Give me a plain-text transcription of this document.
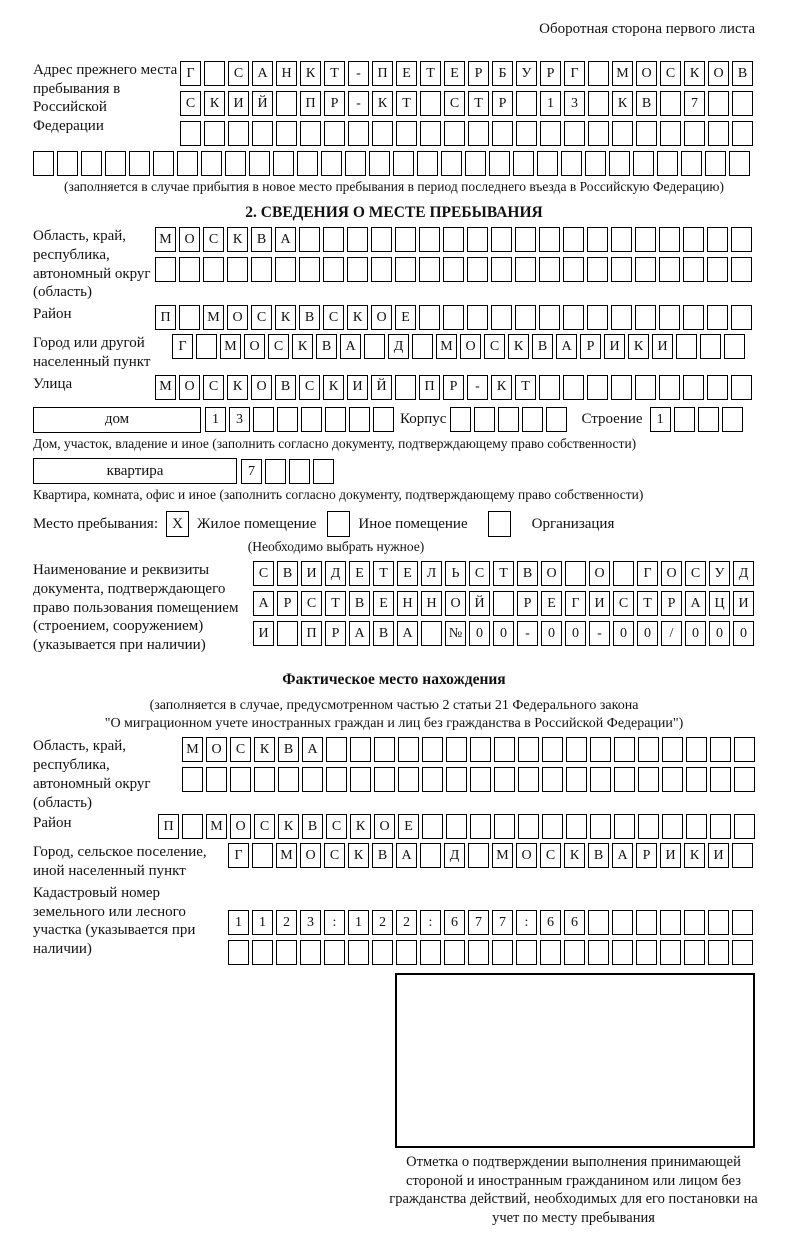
Оборотная сторона первого листа
Адрес прежнего места пребывания в Российской Федерации
Г	С	А Н	К	Т	-	П	Е	Т	Е	Р	Б	У	Р	Г	М О	С	К	О	В
С	К	И Й	П	Р	-	К	Т	С	Т	Р	1	3	К	В	7
(заполняется в случае прибытия в новое место пребывания в период последнего въезда в Российскую Федерацию)
2. СВЕДЕНИЯ О МЕСТЕ ПРЕБЫВАНИЯ
Область, край, республика, автономный округ (область)
М О	С	К	В	А
Район	П	М О	С	К	В	С	К	О	Е
Город или другой населенный пункт
Г	М О	С	К	В	А	Д	М О	С	К	В	А	Р	И	К	И
Улица	М О	С	К	О	В	С	К	И Й	П	Р	-	К	Т
дом	1	3	Корпус	Строение	1
Дом, участок, владение и иное (заполнить согласно документу, подтверждающему право собственности)
квартира	7
Квартира, комната, офис и иное (заполнить согласно документу, подтверждающему право собственности)
Место пребывания: X Жилое помещение	Иное помещение	Организация
(Необходимо выбрать нужное)
Наименование и реквизиты документа, подтверждающего право пользования помещением (строением, сооружением) (указывается при наличии)
С	В	И	Д	Е	Т	Е	Л	Ь	С	Т	В	О	О	Г	О	С	У	Д
А	Р	С	Т	В	Е	Н Н О Й	Р	Е	Г	И	С	Т	Р	А Ц И
И	П	Р	А	В	А	№ 0	0	-	0	0	-	0	0	/	0	0	0
Фактическое место нахождения
(заполняется в случае, предусмотренном частью 2 статьи 21 Федерального закона
"О миграционном учете иностранных граждан и лиц без гражданства в Российской Федерации")
Область, край, республика, автономный округ (область)
М О	С	К	В	А
Район	П	М О	С	К	В	С	К	О	Е
Город, сельское поселение, иной населенный пункт
Г	М О	С	К	В	А	Д	М О	С	К	В	А	Р	И	К	И
Кадастровый номер земельного или лесного участка (указывается при наличии)
1	1	2	3	:	1	2	2	:	6	7	7	:	6	6
Отметка о подтверждении выполнения принимающей стороной и иностранным гражданином или лицом без гражданства действий, необходимых для его постановки на учет по месту пребывания
